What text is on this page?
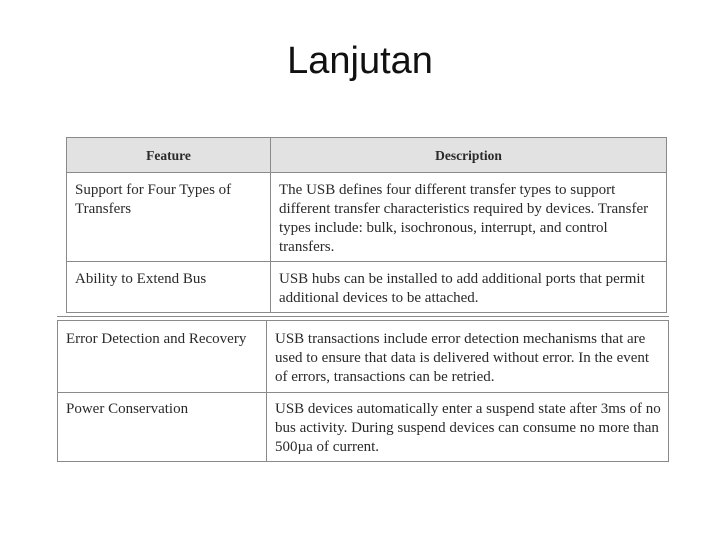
Lanjutan
Feature	Description
Support for Four Types of Transfers	The USB defines four different transfer types to support different transfer characteristics required by devices. Transfer types include: bulk, isochronous, interrupt, and control transfers.
Ability to Extend Bus	USB hubs can be installed to add additional ports that permit additional devices to be attached.
Error Detection and Recovery	USB transactions include error detection mechanisms that are used to ensure that data is delivered without error. In the event of errors, transactions can be retried.
Power Conservation	USB devices automatically enter a suspend state after 3ms of no bus activity. During suspend devices can consume no more than 500µa of current.
